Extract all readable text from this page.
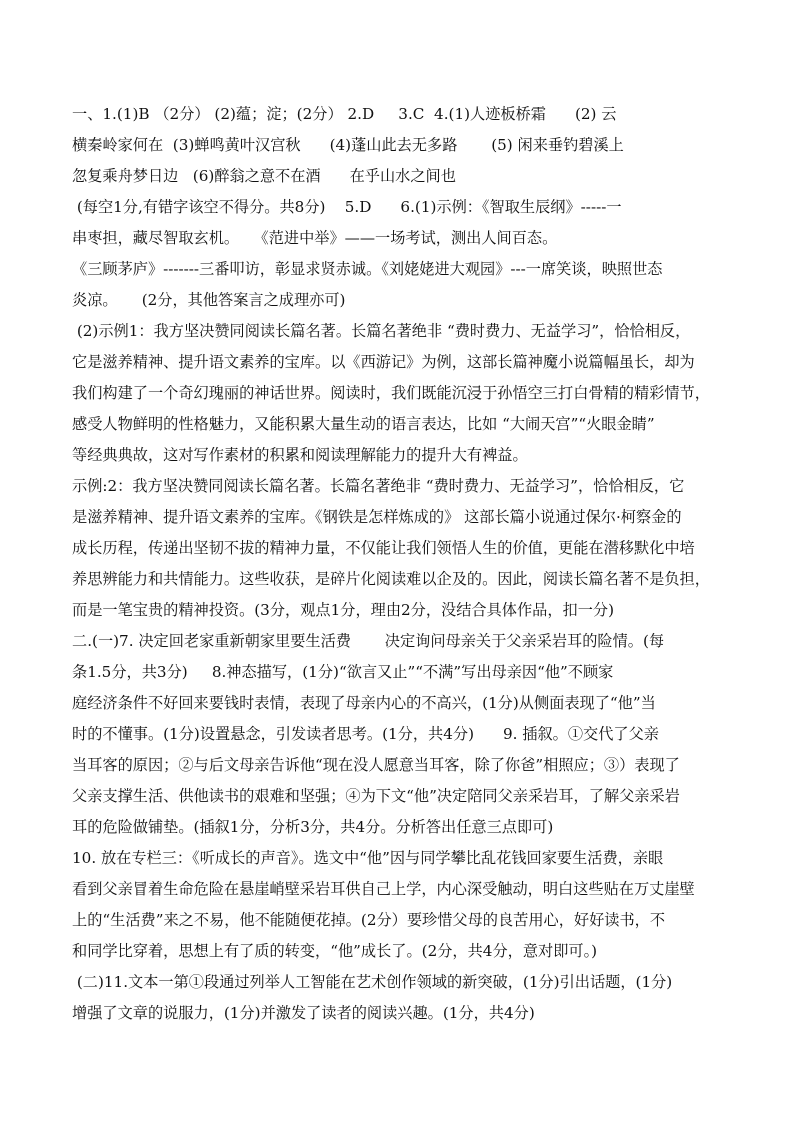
一、1.(1)B （2分） (2)蕴；淀；(2分） 2.D     3.C  4.(1)人迹板桥霜      (2) 云
横秦岭家何在  (3)蝉鸣黄叶汉宫秋      (4)蓬山此去无多路       (5) 闲来垂钓碧溪上
忽复乘舟梦日边   (6)醉翁之意不在酒      在乎山水之间也
(每空1分,有错字该空不得分。共8分)    5.D      6.(1)示例：《智取生辰纲》-----一
串枣担，藏尽智取玄机。   《范进中举》——一场考试，测出人间百态。
《三顾茅庐》-------三番叩访，彰显求贤赤诚。《刘姥姥进大观园》---一席笑谈，映照世态
炎凉。     (2分，其他答案言之成理亦可)
(2)示例1：我方坚决赞同阅读长篇名著。长篇名著绝非 “费时费力、无益学习”，恰恰相反，
它是滋养精神、提升语文素养的宝库。以《西游记》为例，这部长篇神魔小说篇幅虽长，却为
我们构建了一个奇幻瑰丽的神话世界。阅读时，我们既能沉浸于孙悟空三打白骨精的精彩情节，
感受人物鲜明的性格魅力，又能积累大量生动的语言表达，比如 “大闹天宫”“火眼金睛”
等经典典故，这对写作素材的积累和阅读理解能力的提升大有裨益。
示例:2：我方坚决赞同阅读长篇名著。长篇名著绝非 “费时费力、无益学习”，恰恰相反，它
是滋养精神、提升语文素养的宝库。《钢铁是怎样炼成的》 这部长篇小说通过保尔·柯察金的
成长历程，传递出坚韧不拔的精神力量，不仅能让我们领悟人生的价值，更能在潜移默化中培
养思辨能力和共情能力。这些收获，是碎片化阅读难以企及的。因此，阅读长篇名著不是负担，
而是一笔宝贵的精神投资。(3分，观点1分，理由2分，没结合具体作品，扣一分)
二.(一)7. 决定回老家重新朝家里要生活费       决定询问母亲关于父亲采岩耳的险情。(每
条1.5分，共3分)     8.神态描写，(1分)“欲言又止”“不满”写出母亲因“他”不顾家
庭经济条件不好回来要钱时表情，表现了母亲内心的不高兴，(1分)从侧面表现了“他”当
时的不懂事。(1分)设置悬念，引发读者思考。(1分，共4分)      9. 插叙。①交代了父亲
当耳客的原因；②与后文母亲告诉他“现在没人愿意当耳客，除了你爸”相照应；③）表现了
父亲支撑生活、供他读书的艰难和坚强；④为下文“他”决定陪同父亲采岩耳，了解父亲采岩
耳的危险做铺垫。(插叙1分，分析3分，共4分。分析答出任意三点即可)
10. 放在专栏三：《听成长的声音》。选文中“他”因与同学攀比乱花钱回家要生活费，亲眼
看到父亲冒着生命危险在悬崖峭壁采岩耳供自己上学，内心深受触动，明白这些贴在万丈崖壁
上的“生活费”来之不易，他不能随便花掉。(2分）要珍惜父母的良苦用心，好好读书，不
和同学比穿着，思想上有了质的转变，“他”成长了。(2分，共4分，意对即可。)
(二)11.文本一第①段通过列举人工智能在艺术创作领域的新突破，(1分)引出话题，(1分)
增强了文章的说服力，(1分)并激发了读者的阅读兴趣。(1分，共4分)
